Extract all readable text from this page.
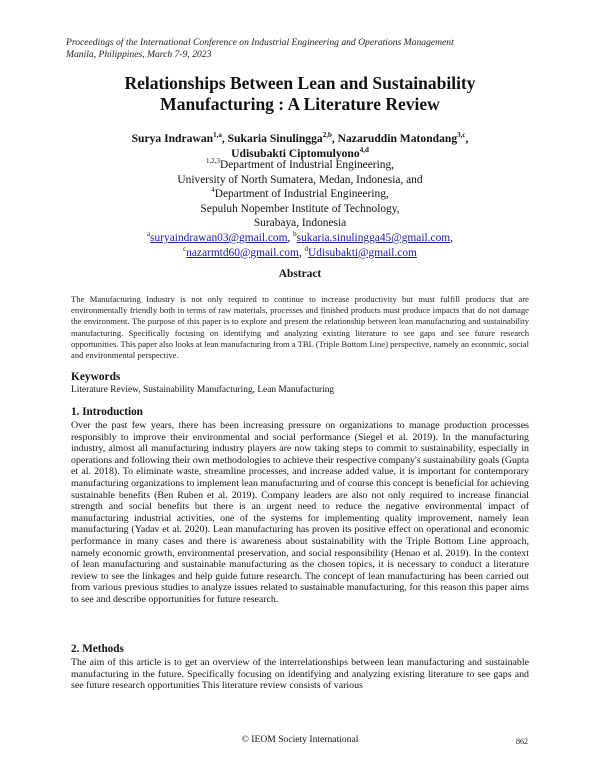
Proceedings of the International Conference on Industrial Engineering and Operations Management
Manila, Philippines, March 7-9, 2023
Relationships Between Lean and Sustainability
Manufacturing : A Literature Review
Surya Indrawan$^{1,a}$, Sukaria Sinulingga$^{2,b}$, Nazaruddin Matondang$^{3,c}$,
Udisubakti Ciptomulyono$^{4,d}$
$^{1,2,3}$Department of Industrial Engineering,
University of North Sumatera, Medan, Indonesia, and
$^4$Department of Industrial Engineering,
Sepuluh Nopember Institute of Technology,
Surabaya, Indonesia
$^a$suryaindrawan03@gmail.com, $^b$sukaria.sinulingga45@gmail.com,
$^c$nazarmtd60@gmail.com, $^d$Udisubakti@gmail.com
Abstract
The Manufacturing Industry is not only required to continue to increase productivity but must fulfill products that are environmentally friendly both in terms of raw materials, processes and finished products must produce impacts that do not damage the environment. The purpose of this paper is to explore and present the relationship between lean manufacturing and sustainability manufacturing. Specifically focusing on identifying and analyzing existing literature to see gaps and see future research opportunities. This paper also looks at lean manufacturing from a TBL (Triple Bottom Line) perspective, namely an economic, social and environmental perspective.
Keywords
Literature Review, Sustainability Manufacturing, Lean Manufacturing
1. Introduction
Over the past few years, there has been increasing pressure on organizations to manage production processes responsibly to improve their environmental and social performance (Siegel et al. 2019). In the manufacturing industry, almost all manufacturing industry players are now taking steps to commit to sustainability, especially in operations and following their own methodologies to achieve their respective company's sustainability goals (Gupta et al. 2018). To eliminate waste, streamline processes, and increase added value, it is important for contemporary manufacturing organizations to implement lean manufacturing and of course this concept is beneficial for achieving sustainable benefits (Ben Ruben et al. 2019). Company leaders are also not only required to increase financial strength and social benefits but there is an urgent need to reduce the negative environmental impact of manufacturing industrial activities, one of the systems for implementing quality improvement, namely lean manufacturing (Yadav et al. 2020). Lean manufacturing has proven its positive effect on operational and economic performance in many cases and there is awareness about sustainability with the Triple Bottom Line approach, namely economic growth, environmental preservation, and social responsibility (Henao et al. 2019). In the context of lean manufacturing and sustainable manufacturing as the chosen topics, it is necessary to conduct a literature review to see the linkages and help guide future research. The concept of lean manufacturing has been carried out from various previous studies to analyze issues related to sustainable manufacturing, for this reason this paper aims to see and describe opportunities for future research.
2. Methods
The aim of this article is to get an overview of the interrelationships between lean manufacturing and sustainable manufacturing in the future. Specifically focusing on identifying and analyzing existing literature to see gaps and see future research opportunities This literature review consists of various
© IEOM Society International	862
